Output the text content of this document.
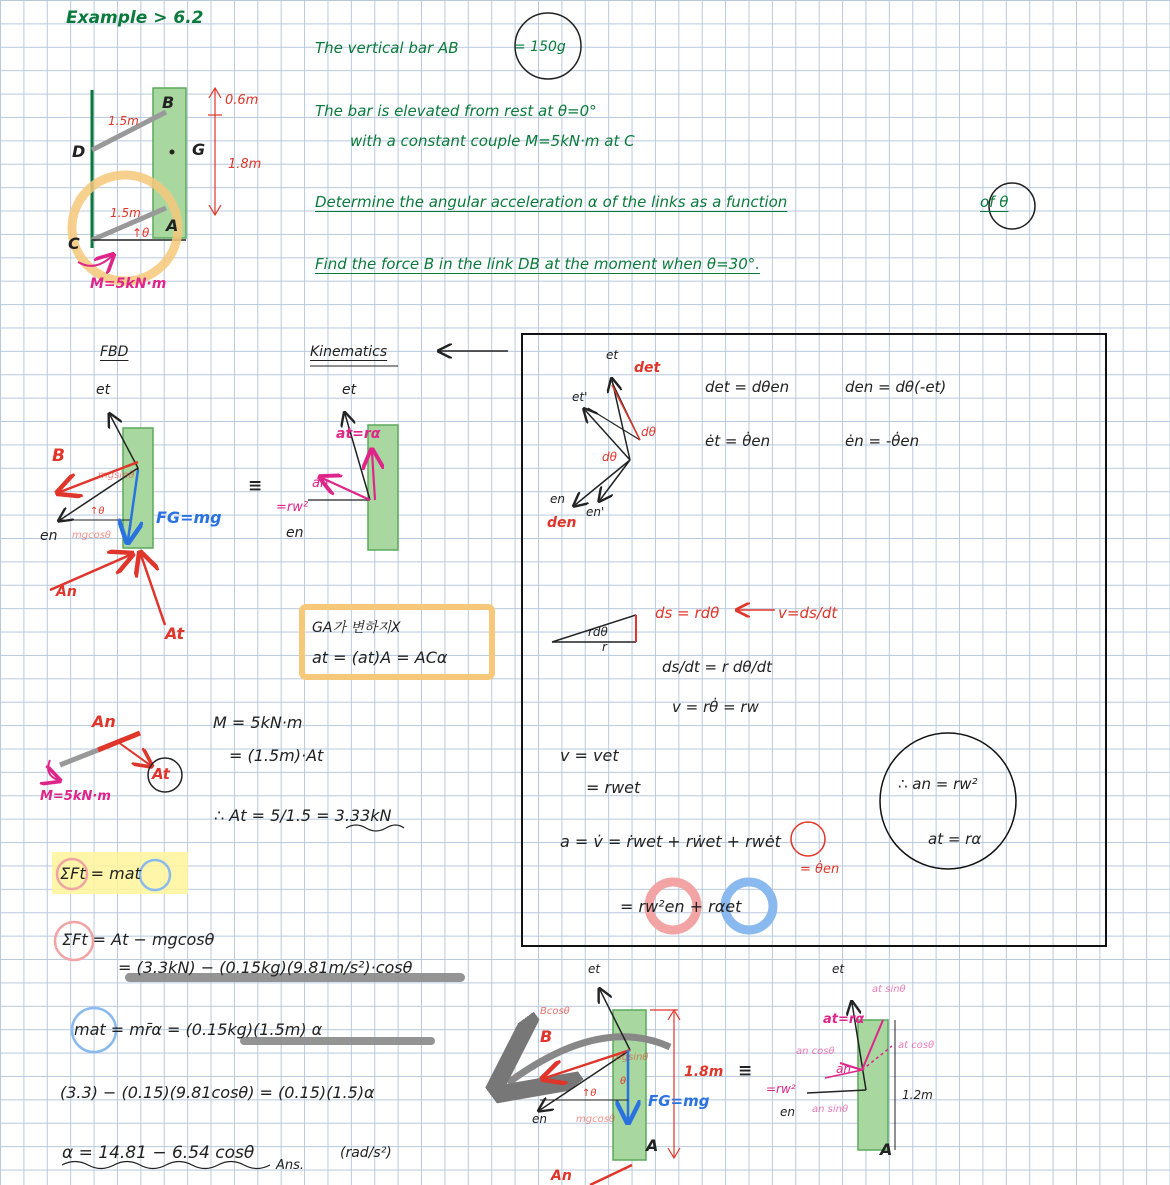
Example > 6.2
The vertical bar AB	= 150g
The bar is elevated from rest at θ=0°
with a constant couple M=5kN·m at C
Determine the angular acceleration α of the links as a function	of θ
Find the force B in the link DB at the moment when θ=30°.
D
C
B
A
G
1.5m
1.5m
↑θ
0.6m
1.8m
M=5kN·m
FBD
et
en
B
An
At
mgsinθ
mgcosθ
↑θ	FG=mg
≡
Kinematics
et
en
at=rα
an
=rw²
GA가 변하지X
at = (at)A = ACα
et
det
et'
dθ
dθ
en
den
en'
det = dθen	den = dθ(-et)
ėt = θ̇en	ėn = -θ̇en
rdθ
r
ds = rdθ	v=ds/dt
ds/dt = r dθ/dt
v = rθ̇ = rw
v = vet
= rwet
a = v̇ = ṙwet + rẇet + rwėt
= θ̇en
= rw²en + rαet
∴ an = rw²
at = rα
An
At
M=5kN·m
M = 5kN·m
= (1.5m)·At
∴ At = 5/1.5 = 3.33kN
ΣFt = mat
ΣFt = At − mgcosθ
= (3.3kN) − (0.15kg)(9.81m/s²)·cosθ
mat = mr̄α = (0.15kg)(1.5m) α
(3.3) − (0.15)(9.81cosθ) = (0.15)(1.5)α
α = 14.81 − 6.54 cosθ
Ans.
(rad/s²)
et
en
B
Bcosθ
An
A
mgsinθ
mgcosθ
θ
↑θ	FG=mg
1.8m ≡
et
en
A
at=rα
an
=rw²
at sinθ
at cosθ
an cosθ
an sinθ
1.2m
